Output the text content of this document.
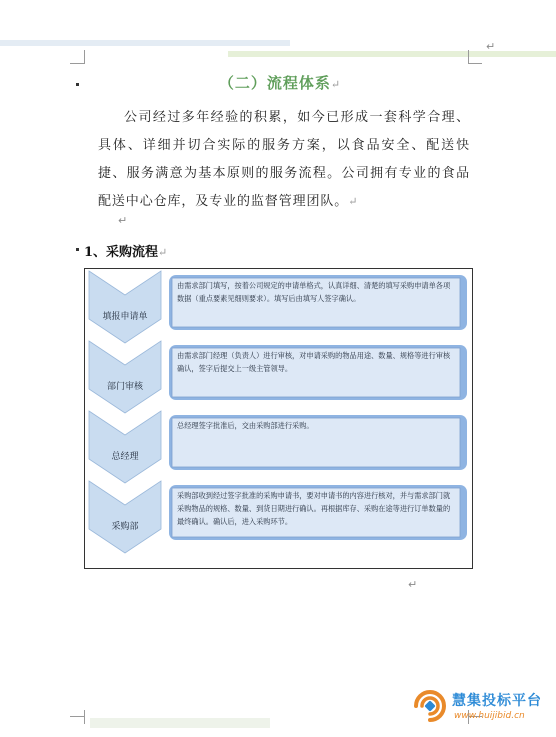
↵
↵
↵
（二）流程体系↵

公司经过多年经验的积累，如今已形成一套科学合理、具体、详细并切合实际的服务方案，以食品安全、配送快捷、服务满意为基本原则的服务流程。公司拥有专业的食品配送中心仓库，及专业的监督管理团队。↵

1、采购流程↵
填报申请单
由需求部门填写，按着公司规定的申请单格式，认真详细、清楚的填写采购申请单各项数据（重点要素见细则要求）。填写后由填写人签字确认。
部门审核
由需求部门经理（负责人）进行审核，对申请采购的物品用途、数量、规格等进行审核确认，签字后提交上一级主管领导。
总经理
总经理签字批准后，交由采购部进行采购。
采购部
采购部收到经过签字批准的采购申请书，要对申请书的内容进行核对，并与需求部门就采购物品的规格、数量、到货日期进行确认。再根据库存、采购在途等进行订单数量的最终确认。确认后，进入采购环节。
慧集投标平台
www.huijibid.cn
